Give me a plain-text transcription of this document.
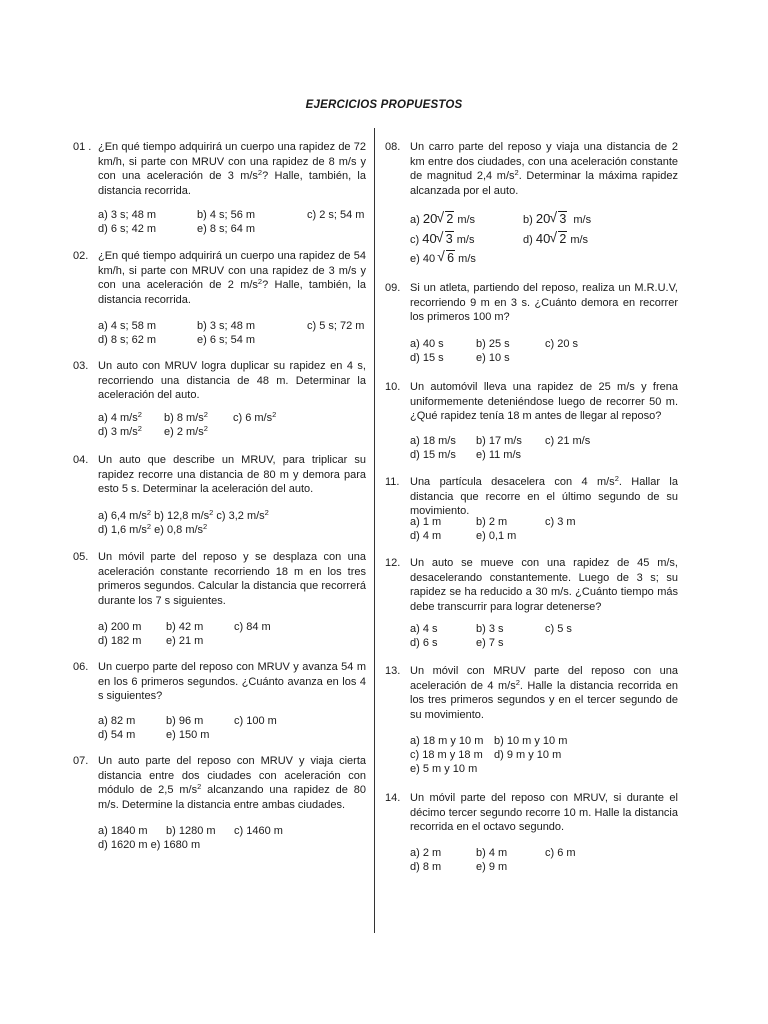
EJERCICIOS PROPUESTOS
01 . ¿En qué tiempo adquirirá un cuerpo una rapidez de 72 km/h, si parte con MRUV con una rapidez de 8 m/s y con una aceleración de 3 $m/s^2$? Halle, también, la distancia recorrida.
a) 3 s; 48 m	b) 4 s; 56 m	c) 2 s; 54 m
d) 6 s; 42 m	e) 8 s; 64 m
02. ¿En qué tiempo adquirirá un cuerpo una rapidez de 54 km/h, si parte con MRUV con una rapidez de 3 m/s y con una aceleración de 2 $m/s^2$? Halle, también, la distancia recorrida.
a) 4 s; 58 m	b) 3 s; 48 m	c) 5 s; 72 m
d) 8 s; 62 m	e) 6 s; 54 m
03. Un auto con MRUV logra duplicar su rapidez en 4 s, recorriendo una distancia de 48 m. Determinar la aceleración del auto.
a) 4 $m/s^2$ b) 8 $m/s^2$ c) 6 $m/s^2$
d) 3 $m/s^2$ e) 2 $m/s^2$
04. Un auto que describe un MRUV, para triplicar su rapidez recorre una distancia de 80 m y demora para esto 5 s. Determinar la aceleración del auto.
a) 6,4 $m/s^2$ b) 12,8 $m/s^2$ c) 3,2 $m/s^2$
d) 1,6 $m/s^2$ e) 0,8 $m/s^2$
05. Un móvil parte del reposo y se desplaza con una aceleración constante recorriendo 18 m en los tres primeros segundos. Calcular la distancia que recorrerá durante los 7 s siguientes.
a) 200 m b) 42 m	c) 84 m
d) 182 m e) 21 m
06. Un cuerpo parte del reposo con MRUV y avanza 54 m en los 6 primeros segundos. ¿Cuánto avanza en los 4 s siguientes?
a) 82 m	b) 96 m	c) 100 m
d) 54 m	e) 150 m
07. Un auto parte del reposo con MRUV y viaja cierta distancia entre dos ciudades con aceleración con módulo de 2,5 $m/s^2$ alcanzando una rapidez de 80 m/s. Determine la distancia entre ambas ciudades.
a) 1840 m b) 1280 m c) 1460 m
d) 1620 m e) 1680 m
08. Un carro parte del reposo y viaja una distancia de 2 km entre dos ciudades, con una aceleración constante de magnitud 2,4 $m/s^2$. Determinar la máxima rapidez alcanzada por el auto.
a) 20 √ 2 m/s	b) 20 √ 3 m/s
c) 40 √ 3 m/s	d) 40 √ 2 m/s
e) 40 √ 6 m/s
09. Si un atleta, partiendo del reposo, realiza un M.R.U.V, recorriendo 9 m en 3 s. ¿Cuánto demora en recorrer los primeros 100 m?
a) 40 s	b) 25 s	c) 20 s
d) 15 s	e) 10 s
10. Un automóvil lleva una rapidez de 25 m/s y frena uniformemente deteniéndose luego de recorrer 50 m. ¿Qué rapidez tenía 18 m antes de llegar al reposo?
a) 18 m/s b) 17 m/s c) 21 m/s
d) 15 m/s e) 11 m/s
11. Una partícula desacelera con 4 $m/s^2$. Hallar la distancia que recorre en el último segundo de su movimiento.
a) 1 m	b) 2 m	c) 3 m
d) 4 m	e) 0,1 m
12. Un auto se mueve con una rapidez de 45 m/s, desacelerando constantemente. Luego de 3 s; su rapidez se ha reducido a 30 m/s. ¿Cuánto tiempo más debe transcurrir para lograr detenerse?
a) 4 s	b) 3 s	c) 5 s
d) 6 s	e) 7 s
13. Un móvil con MRUV parte del reposo con una aceleración de 4 $m/s^2$. Halle la distancia recorrida en los tres primeros segundos y en el tercer segundo de su movimiento.
a) 18 m y 10 m b) 10 m y 10 m
c) 18 m y 18 m d) 9 m y 10 m
e) 5 m y 10 m
14. Un móvil parte del reposo con MRUV, si durante el décimo tercer segundo recorre 10 m. Halle la distancia recorrida en el octavo segundo.
a) 2 m	b) 4 m	c) 6 m
d) 8 m	e) 9 m
